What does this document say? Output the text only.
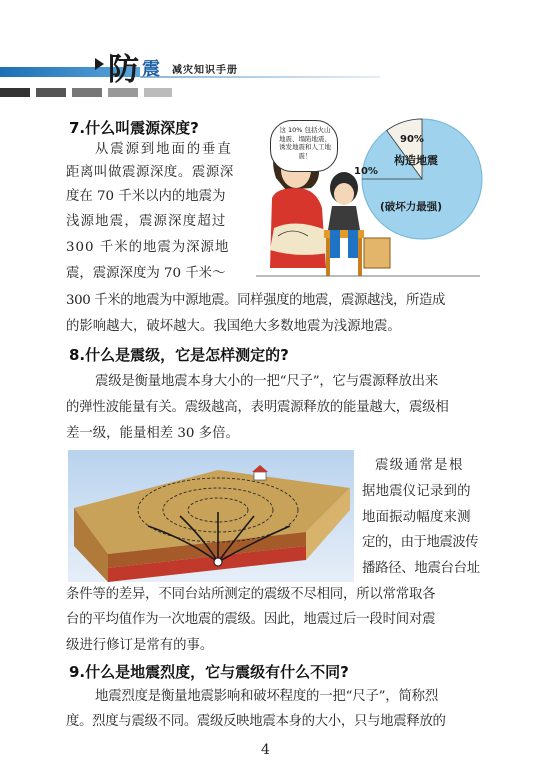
防 震 减灾知识手册
7.什么叫震源深度?
从震源到地面的垂直
距离叫做震源深度。震源深
度在 70 千米以内的地震为
浅源地震，震源深度超过
300 千米的地震为深源地
震，震源深度为 70 千米～
300 千米的地震为中源地震。同样强度的地震，震源越浅，所造成
的影响越大，破坏越大。我国绝大多数地震为浅源地震。
这 10% 包括火山地震、塌陷地震、诱发地震和人工地震！
90%
10%
构造地震
(破坏力最强)
8.什么是震级，它是怎样测定的?
震级是衡量地震本身大小的一把“尺子”，它与震源释放出来
的弹性波能量有关。震级越高，表明震源释放的能量越大，震级相
差一级，能量相差 30 多倍。
震级通常是根
据地震仪记录到的
地面振动幅度来测
定的，由于地震波传
播路径、地震台台址
条件等的差异，不同台站所测定的震级不尽相同，所以常常取各
台的平均值作为一次地震的震级。因此，地震过后一段时间对震
级进行修订是常有的事。
9.什么是地震烈度，它与震级有什么不同?
地震烈度是衡量地震影响和破坏程度的一把“尺子”，简称烈
度。烈度与震级不同。震级反映地震本身的大小，只与地震释放的
4
